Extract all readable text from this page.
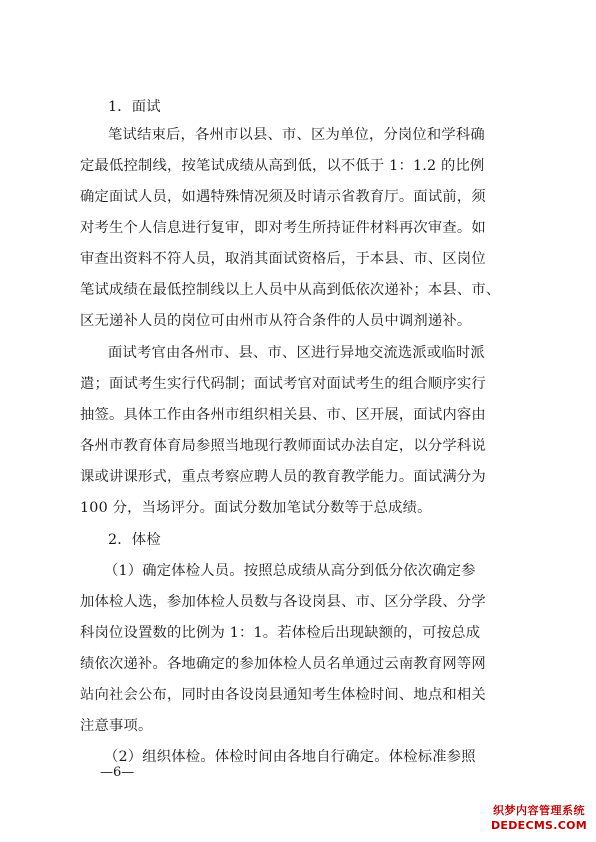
1．面试
笔试结束后，各州市以县、市、区为单位，分岗位和学科确
定最低控制线，按笔试成绩从高到低，以不低于 1：1.2 的比例
确定面试人员，如遇特殊情况须及时请示省教育厅。面试前，须
对考生个人信息进行复审，即对考生所持证件材料再次审查。如
审查出资料不符人员，取消其面试资格后，于本县、市、区岗位
笔试成绩在最低控制线以上人员中从高到低依次递补；本县、市、
区无递补人员的岗位可由州市从符合条件的人员中调剂递补。
面试考官由各州市、县、市、区进行异地交流选派或临时派
遣；面试考生实行代码制；面试考官对面试考生的组合顺序实行
抽签。具体工作由各州市组织相关县、市、区开展，面试内容由
各州市教育体育局参照当地现行教师面试办法自定，以分学科说
课或讲课形式，重点考察应聘人员的教育教学能力。面试满分为
100 分，当场评分。面试分数加笔试分数等于总成绩。
2．体检
（1）确定体检人员。按照总成绩从高分到低分依次确定参
加体检人选，参加体检人员数与各设岗县、市、区分学段、分学
科岗位设置数的比例为 1：1。若体检后出现缺额的，可按总成
绩依次递补。各地确定的参加体检人员名单通过云南教育网等网
站向社会公布，同时由各设岗县通知考生体检时间、地点和相关
注意事项。
（2）组织体检。体检时间由各地自行确定。体检标准参照
—6—
织梦内容管理系统
DEDECMS.COM
